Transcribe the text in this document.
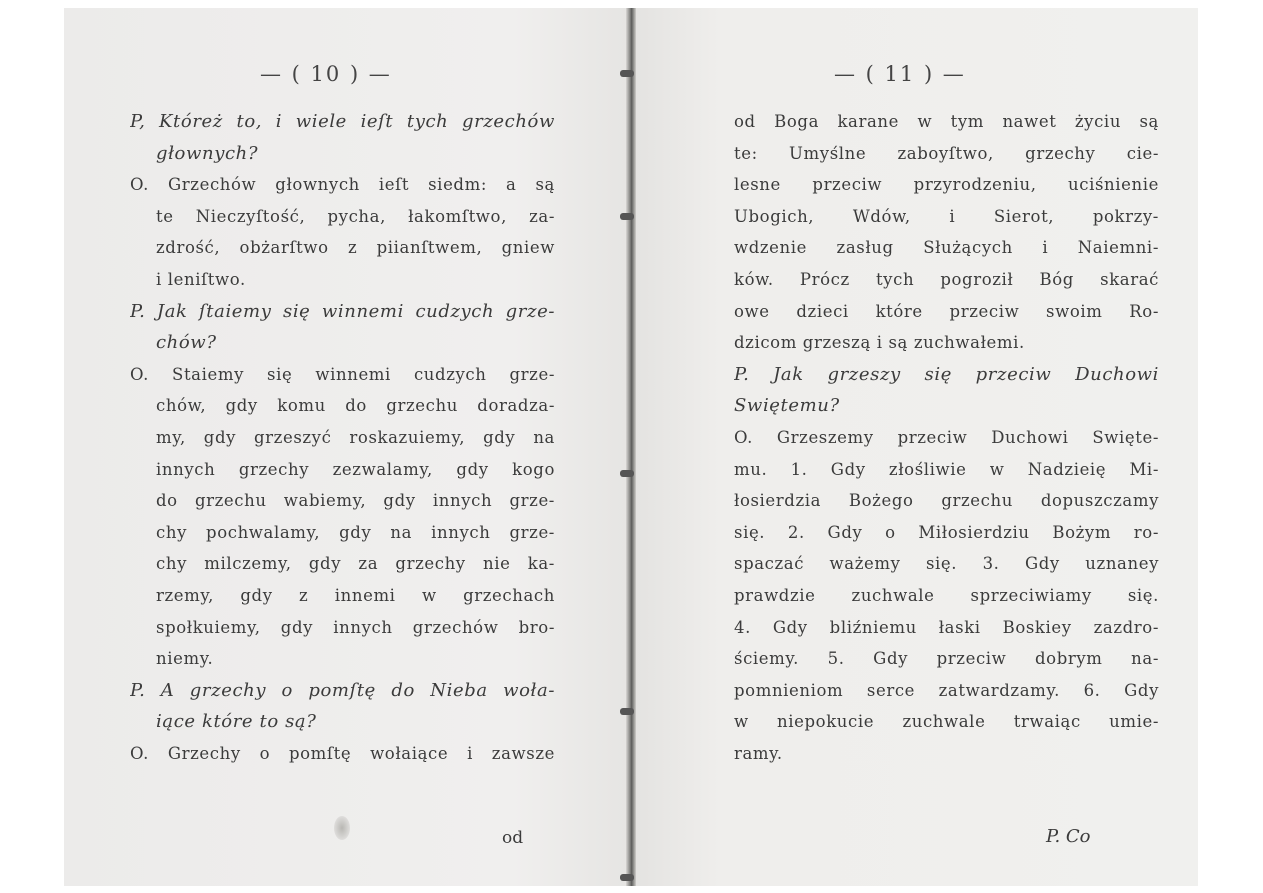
— ( 10 ) —
P, Któreż to, i wiele ieſt tych grzechów
głownych?
O. Grzechów głownych ieſt siedm: a są
te Nieczyſtość, pycha, łakomſtwo, za-
zdrość, obżarſtwo z piianſtwem, gniew
i leniſtwo.
P. Jak ſtaiemy się winnemi cudzych grze-
chów?
O. Staiemy się winnemi cudzych grze-
chów, gdy komu do grzechu doradza-
my, gdy grzeszyć roskazuiemy, gdy na
innych grzechy zezwalamy, gdy kogo
do grzechu wabiemy, gdy innych grze-
chy pochwalamy, gdy na innych grze-
chy milczemy, gdy za grzechy nie ka-
rzemy, gdy z innemi w grzechach
społkuiemy, gdy innych grzechów bro-
niemy.
P. A grzechy o pomſtę do Nieba woła-
iące które to są?
O. Grzechy o pomſtę wołaiące i zawsze
od
— ( 11 ) —
od Boga karane w tym nawet życiu są
te: Umyślne zaboyſtwo, grzechy cie-
lesne przeciw przyrodzeniu, uciśnienie
Ubogich, Wdów, i Sierot, pokrzy-
wdzenie zasług Służących i Naiemni-
ków. Prócz tych pogroził Bóg skarać
owe dzieci które przeciw swoim Ro-
dzicom grzeszą i są zuchwałemi.
P. Jak grzeszy się przeciw Duchowi
Swiętemu?
O. Grzeszemy przeciw Duchowi Swięte-
mu. 1. Gdy złośliwie w Nadzieię Mi-
łosierdzia Bożego grzechu dopuszczamy
się. 2. Gdy o Miłosierdziu Bożym ro-
spaczać ważemy się. 3. Gdy uznaney
prawdzie zuchwale sprzeciwiamy się.
4. Gdy bliźniemu łaski Boskiey zazdro-
ściemy. 5. Gdy przeciw dobrym na-
pomnieniom serce zatwardzamy. 6. Gdy
w niepokucie zuchwale trwaiąc umie-
ramy.
P. Co
